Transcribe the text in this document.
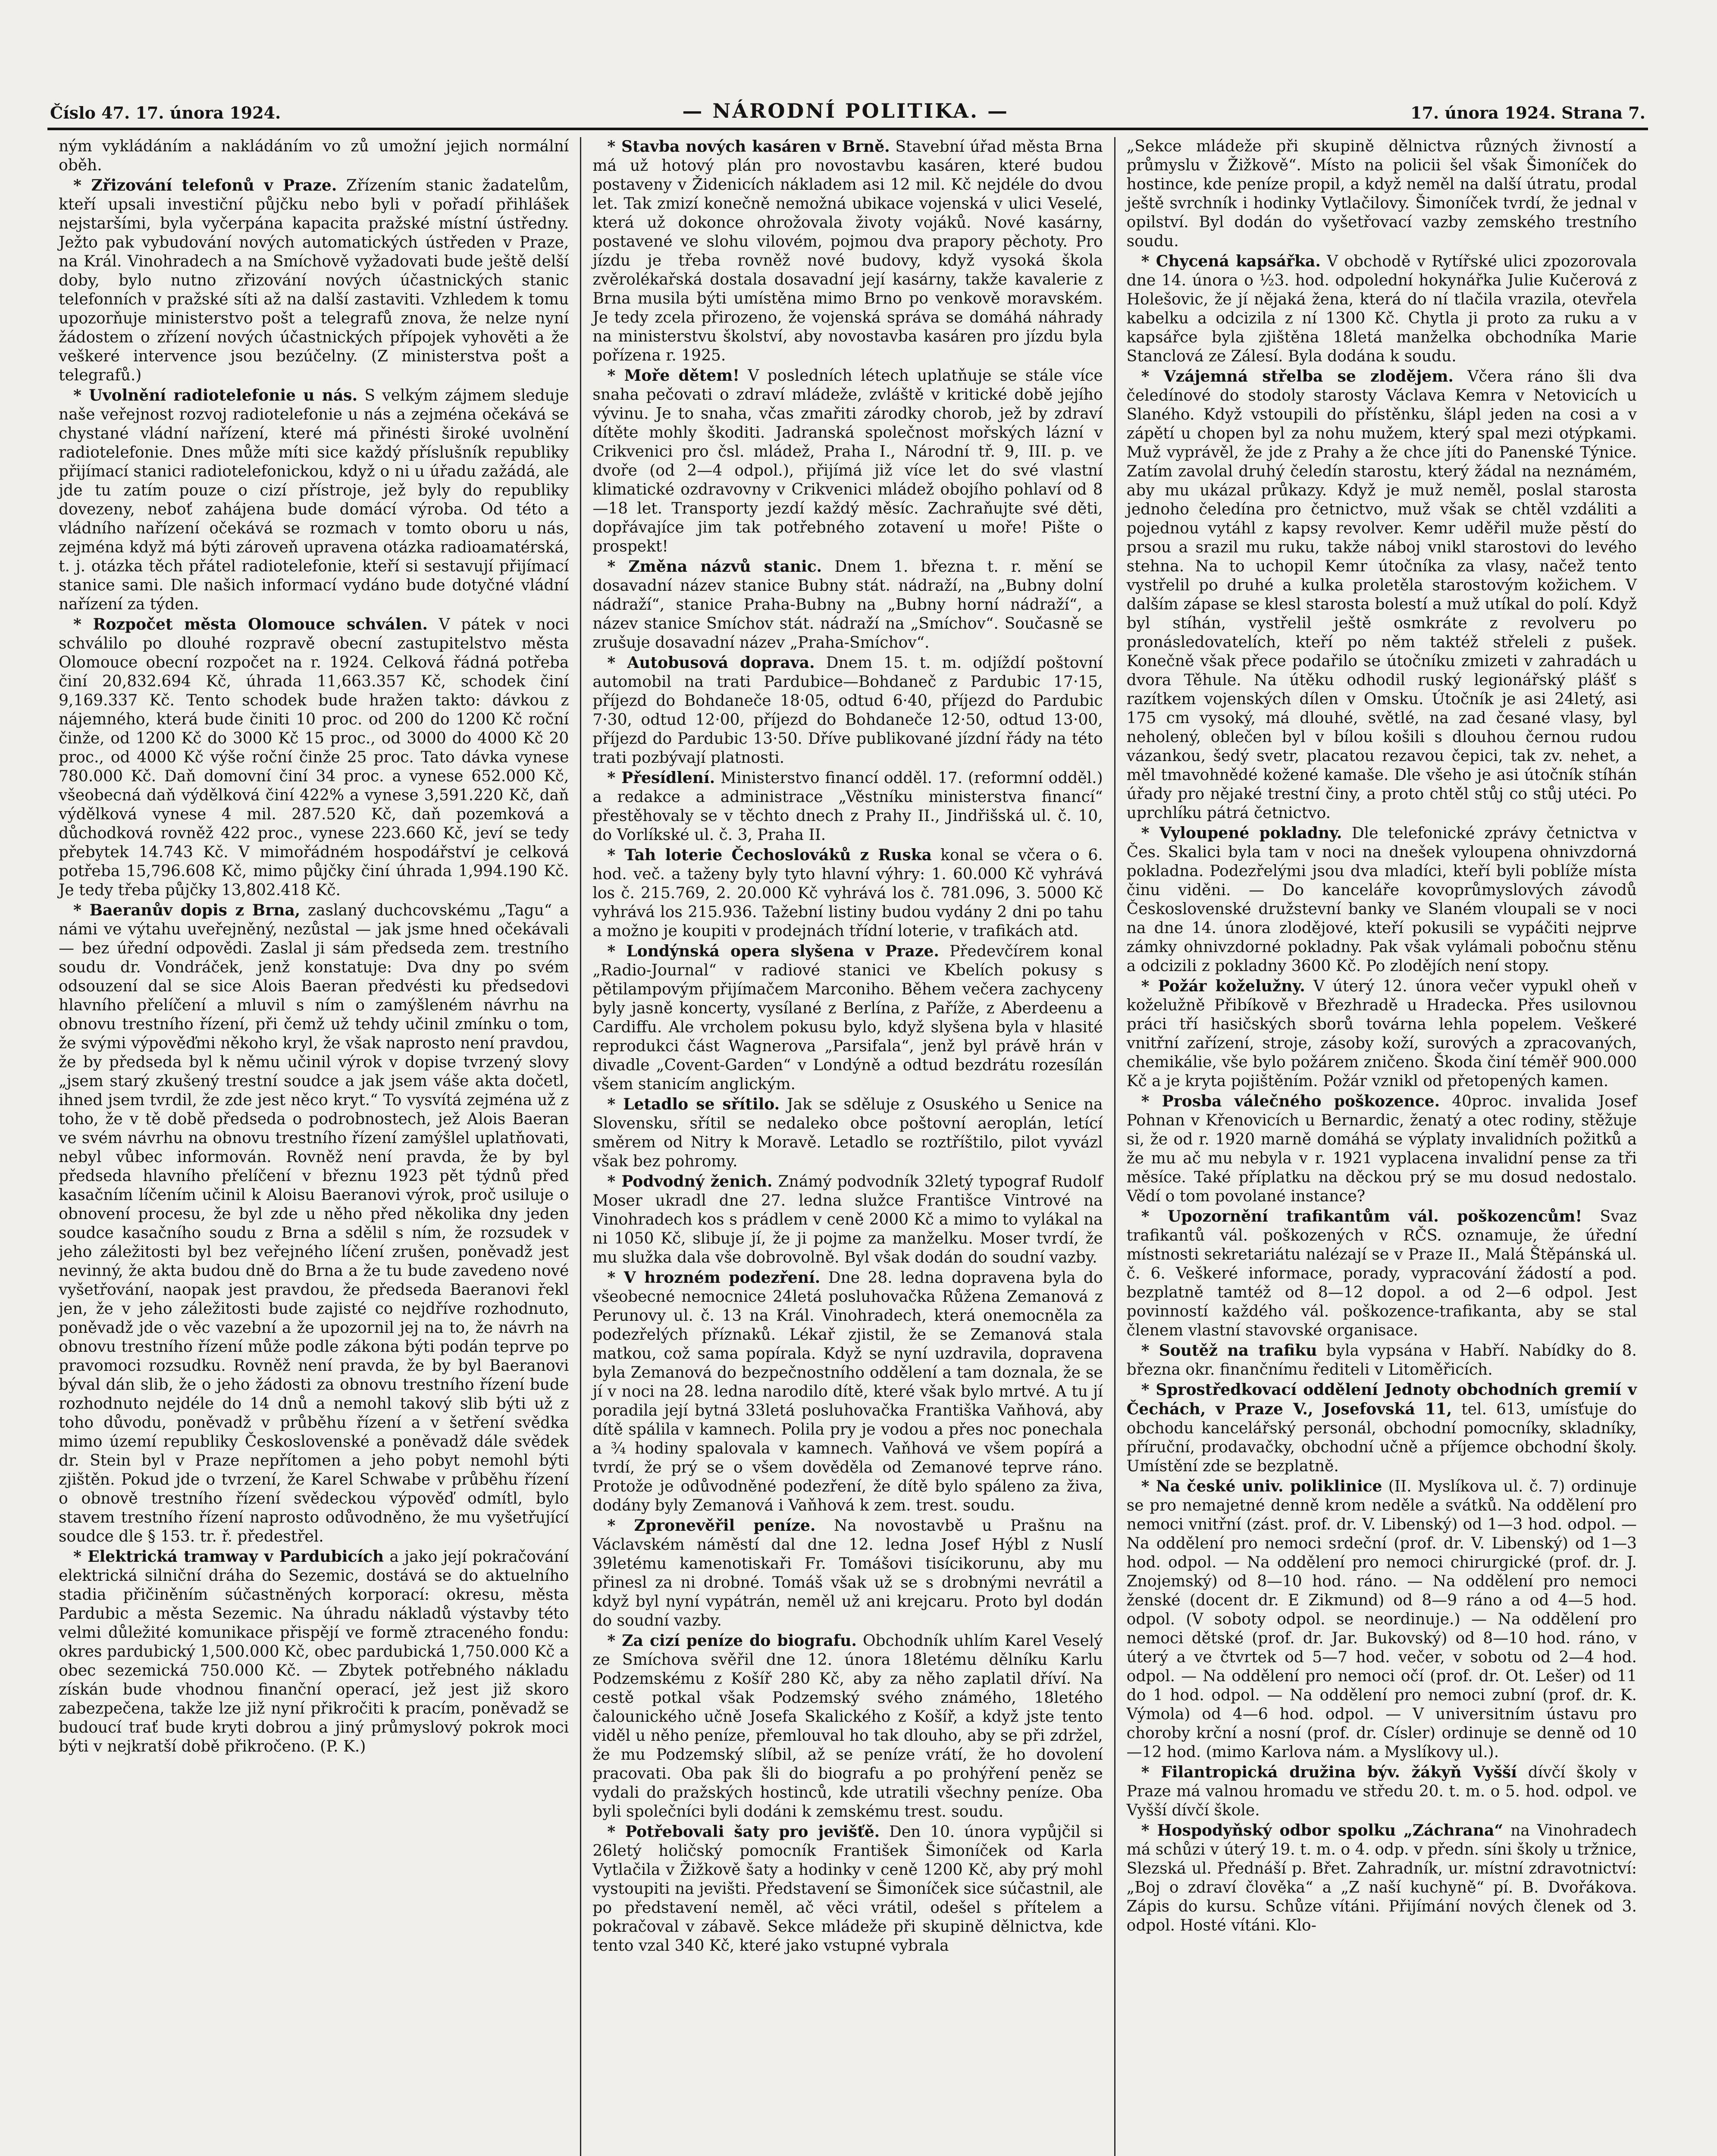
Číslo 47. 17. února 1924.	— NÁRODNÍ POLITIKA. —	17. února 1924. Strana 7.

ným vykládáním a nakládáním vo zů umožní jejich normální oběh.

* Zřizování telefonů v Praze. Zřízením stanic žadatelům, kteří upsali investiční půjčku nebo byli v pořadí přihlášek nejstaršími, byla vyčerpána kapacita pražské místní ústředny. Ježto pak vybudování nových automatických ústředen v Praze, na Král. Vinohradech a na Smíchově vyžadovati bude ještě delší doby, bylo nutno zřizování nových účastnických stanic telefonních v pražské síti až na další zastaviti. Vzhledem k tomu upozorňuje ministerstvo pošt a telegrafů znova, že nelze nyní žádostem o zřízení nových účastnických přípojek vyhověti a že veškeré intervence jsou bezúčelny. (Z ministerstva pošt a telegrafů.)

* Uvolnění radiotelefonie u nás. S velkým zájmem sleduje naše veřejnost rozvoj radiotelefonie u nás a zejména očekává se chystané vládní nařízení, které má přinésti široké uvolnění radiotelefonie. Dnes může míti sice každý příslušník republiky přijímací stanici radiotelefonickou, když o ni u úřadu zažádá, ale jde tu zatím pouze o cizí přístroje, jež byly do republiky dovezeny, neboť zahájena bude domácí výroba. Od této a vládního nařízení očekává se rozmach v tomto oboru u nás, zejména když má býti zároveň upravena otázka radioamatérská, t. j. otázka těch přátel radiotelefonie, kteří si sestavují přijímací stanice sami. Dle našich informací vydáno bude dotyčné vládní nařízení za týden.

* Rozpočet města Olomouce schválen. V pátek v noci schválilo po dlouhé rozpravě obecní zastupitelstvo města Olomouce obecní rozpočet na r. 1924. Celková řádná potřeba činí 20,832.694 Kč, úhrada 11,663.357 Kč, schodek činí 9,169.337 Kč. Tento schodek bude hražen takto: dávkou z nájemného, která bude činiti 10 proc. od 200 do 1200 Kč roční činže, od 1200 Kč do 3000 Kč 15 proc., od 3000 do 4000 Kč 20 proc., od 4000 Kč výše roční činže 25 proc. Tato dávka vynese 780.000 Kč. Daň domovní činí 34 proc. a vynese 652.000 Kč, všeobecná daň výdělková činí 422% a vynese 3,591.220 Kč, daň výdělková vynese 4 mil. 287.520 Kč, daň pozemková a důchodková rovněž 422 proc., vynese 223.660 Kč, jeví se tedy přebytek 14.743 Kč. V mimořádném hospodářství je celková potřeba 15,796.608 Kč, mimo půjčky činí úhrada 1,994.190 Kč. Je tedy třeba půjčky 13,802.418 Kč.

* Baeranův dopis z Brna, zaslaný duchcovskému „Tagu“ a námi ve výtahu uveřejněný, nezůstal — jak jsme hned očekávali — bez úřední odpovědi. Zaslal ji sám předseda zem. trestního soudu dr. Vondráček, jenž konstatuje: Dva dny po svém odsouzení dal se sice Alois Baeran předvésti ku předsedovi hlavního přelíčení a mluvil s ním o zamýšleném návrhu na obnovu trestního řízení, při čemž už tehdy učinil zmínku o tom, že svými výpověďmi někoho kryl, že však naprosto není pravdou, že by předseda byl k němu učinil výrok v dopise tvrzený slovy „jsem starý zkušený trestní soudce a jak jsem váše akta dočetl, ihned jsem tvrdil, že zde jest něco kryt.“ To vysvítá zejména už z toho, že v tě době předseda o podrobnostech, jež Alois Baeran ve svém návrhu na obnovu trestního řízení zamýšlel uplatňovati, nebyl vůbec informován. Rovněž není pravda, že by byl předseda hlavního přelíčení v březnu 1923 pět týdnů před kasačním líčením učinil k Aloisu Baeranovi výrok, proč usiluje o obnovení procesu, že byl zde u něho před několika dny jeden soudce kasačního soudu z Brna a sdělil s ním, že rozsudek v jeho záležitosti byl bez veřejného líčení zrušen, poněvadž jest nevinný, že akta budou dně do Brna a že tu bude zavedeno nové vyšetřování, naopak jest pravdou, že předseda Baeranovi řekl jen, že v jeho záležitosti bude zajisté co nejdříve rozhodnuto, poněvadž jde o věc vazební a že upozornil jej na to, že návrh na obnovu trestního řízení může podle zákona býti podán teprve po pravomoci rozsudku. Rovněž není pravda, že by byl Baeranovi býval dán slib, že o jeho žádosti za obnovu trestního řízení bude rozhodnuto nejdéle do 14 dnů a nemohl takový slib býti už z toho důvodu, poněvadž v průběhu řízení a v šetření svědka mimo území republiky Československé a poněvadž dále svědek dr. Stein byl v Praze nepřítomen a jeho pobyt nemohl býti zjištěn. Pokud jde o tvrzení, že Karel Schwabe v průběhu řízení o obnově trestního řízení svědeckou výpověď odmítl, bylo stavem trestního řízení naprosto odůvodněno, že mu vyšetřující soudce dle § 153. tr. ř. předestřel.

* Elektrická tramway v Pardubicích a jako její pokračování elektrická silniční dráha do Sezemic, dostává se do aktuelního stadia přičiněním súčastněných korporací: okresu, města Pardubic a města Sezemic. Na úhradu nákladů výstavby této velmi důležité komunikace přispějí ve formě ztraceného fondu: okres pardubický 1,500.000 Kč, obec pardubická 1,750.000 Kč a obec sezemická 750.000 Kč. — Zbytek potřebného nákladu získán bude vhodnou finanční operací, jež jest již skoro zabezpečena, takže lze již nyní přikročiti k pracím, poněvadž se budoucí trať bude kryti dobrou a jiný průmyslový pokrok moci býti v nejkratší době přikročeno. (P. K.)

* Stavba nových kasáren v Brně. Stavební úřad města Brna má už hotový plán pro novostavbu kasáren, které budou postaveny v Židenicích nákladem asi 12 mil. Kč nejdéle do dvou let. Tak zmizí konečně nemožná ubikace vojenská v ulici Veselé, která už dokonce ohrožovala životy vojáků. Nové kasárny, postavené ve slohu vilovém, pojmou dva prapory pěchoty. Pro jízdu je třeba rovněž nové budovy, když vysoká škola zvěrolékařská dostala dosavadní její kasárny, takže kavalerie z Brna musila býti umístěna mimo Brno po venkově moravském. Je tedy zcela přirozeno, že vojenská správa se domáhá náhrady na ministerstvu školství, aby novostavba kasáren pro jízdu byla pořízena r. 1925.

* Moře dětem! V posledních létech uplatňuje se stále více snaha pečovati o zdraví mládeže, zvláště v kritické době jejího vývinu. Je to snaha, včas zmařiti zárodky chorob, jež by zdraví dítěte mohly škoditi. Jadranská společnost mořských lázní v Crikvenici pro čsl. mládež, Praha I., Národní tř. 9, III. p. ve dvoře (od 2—4 odpol.), přijímá již více let do své vlastní klimatické ozdravovny v Crikvenici mládež obojího pohlaví od 8—18 let. Transporty jezdí každý měsíc. Zachraňujte své děti, dopřávajíce jim tak potřebného zotavení u moře! Pište o prospekt!

* Změna názvů stanic. Dnem 1. března t. r. mění se dosavadní název stanice Bubny stát. nádraží, na „Bubny dolní nádraží“, stanice Praha-Bubny na „Bubny horní nádraží“, a název stanice Smíchov stát. nádraží na „Smíchov“. Současně se zrušuje dosavadní název „Praha-Smíchov“.

* Autobusová doprava. Dnem 15. t. m. odjíždí poštovní automobil na trati Pardubice—Bohdaneč z Pardubic 17·15, příjezd do Bohdaneče 18·05, odtud 6·40, příjezd do Pardubic 7·30, odtud 12·00, příjezd do Bohdaneče 12·50, odtud 13·00, příjezd do Pardubic 13·50. Dříve publikované jízdní řády na této trati pozbývají platnosti.

* Přesídlení. Ministerstvo financí odděl. 17. (reformní odděl.) a redakce a administrace „Věstníku ministerstva financí“ přestěhovaly se v těchto dnech z Prahy II., Jindřišská ul. č. 10, do Vorlíkské ul. č. 3, Praha II.

* Tah loterie Čechoslováků z Ruska konal se včera o 6. hod. več. a taženy byly tyto hlavní výhry: 1. 60.000 Kč vyhrává los č. 215.769, 2. 20.000 Kč vyhrává los č. 781.096, 3. 5000 Kč vyhrává los 215.936. Tažební listiny budou vydány 2 dni po tahu a možno je koupiti v prodejnách třídní loterie, v trafikách atd.

* Londýnská opera slyšena v Praze. Předevčírem konal „Radio-Journal“ v radiové stanici ve Kbelích pokusy s pětilampovým přijímačem Marconiho. Během večera zachyceny byly jasně koncerty, vysílané z Berlína, z Paříže, z Aberdeenu a Cardiffu. Ale vrcholem pokusu bylo, když slyšena byla v hlasité reprodukci část Wagnerova „Parsifala“, jenž byl právě hrán v divadle „Covent-Garden“ v Londýně a odtud bezdrátu rozesílán všem stanicím anglickým.

* Letadlo se sřítilo. Jak se sděluje z Osuského u Senice na Slovensku, sřítil se nedaleko obce poštovní aeroplán, letící směrem od Nitry k Moravě. Letadlo se roztříštilo, pilot vyvázl však bez pohromy.

* Podvodný ženich. Známý podvodník 32letý typograf Rudolf Moser ukradl dne 27. ledna služce Františce Vintrové na Vinohradech kos s prádlem v ceně 2000 Kč a mimo to vylákal na ni 1050 Kč, slibuje jí, že ji pojme za manželku. Moser tvrdí, že mu služka dala vše dobrovolně. Byl však dodán do soudní vazby.

* V hrozném podezření. Dne 28. ledna dopravena byla do všeobecné nemocnice 24letá posluhovačka Růžena Zemanová z Perunovy ul. č. 13 na Král. Vinohradech, která onemocněla za podezřelých příznaků. Lékař zjistil, že se Zemanová stala matkou, což sama popírala. Když se nyní uzdravila, dopravena byla Zemanová do bezpečnostního oddělení a tam doznala, že se jí v noci na 28. ledna narodilo dítě, které však bylo mrtvé. A tu jí poradila její bytná 33letá posluhovačka Františka Vaňhová, aby dítě spálila v kamnech. Polila pry je vodou a přes noc ponechala a ¾ hodiny spalovala v kamnech. Vaňhová ve všem popírá a tvrdí, že prý se o všem dověděla od Zemanové teprve ráno. Protože je odůvodněné podezření, že dítě bylo spáleno za živa, dodány byly Zemanová i Vaňhová k zem. trest. soudu.

* Zpronevěřil peníze. Na novostavbě u Prašnu na Václavském náměstí dal dne 12. ledna Josef Hýbl z Nuslí 39letému kamenotiskaři Fr. Tomášovi tisícikorunu, aby mu přinesl za ni drobné. Tomáš však už se s drobnými nevrátil a když byl nyní vypátrán, neměl už ani krejcaru. Proto byl dodán do soudní vazby.

* Za cizí peníze do biografu. Obchodník uhlím Karel Veselý ze Smíchova svěřil dne 12. února 18letému dělníku Karlu Podzemskému z Košíř 280 Kč, aby za něho zaplatil dříví. Na cestě potkal však Podzemský svého známého, 18letého čalounického učně Josefa Skalického z Košíř, a když jste tento viděl u něho peníze, přemlouval ho tak dlouho, aby se při zdržel, že mu Podzemský slíbil, až se peníze vrátí, že ho dovolení pracovati. Oba pak šli do biografu a po prohýření peněz se vydali do pražských hostinců, kde utratili všechny peníze. Oba byli společníci byli dodáni k zemskému trest. soudu.

* Potřebovali šaty pro jevišťě. Den 10. února vypůjčil si 26letý holičský pomocník František Šimoníček od Karla Vytlačila v Žižkově šaty a hodinky v ceně 1200 Kč, aby prý mohl vystoupiti na jevišti. Představení se Šimoníček sice súčastnil, ale po představení neměl, ač věci vrátil, odešel s přítelem a pokračoval v zábavě. Sekce mládeže při skupině dělnictva, kde tento vzal 340 Kč, které jako vstupné vybrala

„Sekce mládeže při skupině dělnictva různých živností a průmyslu v Žižkově“. Místo na policii šel však Šimoníček do hostince, kde peníze propil, a když neměl na další útratu, prodal ještě svrchník i hodinky Vytlačilovy. Šimoníček tvrdí, že jednal v opilství. Byl dodán do vyšetřovací vazby zemského trestního soudu.

* Chycená kapsářka. V obchodě v Rytířské ulici zpozorovala dne 14. února o ½3. hod. odpolední hokynářka Julie Kučerová z Holešovic, že jí nějaká žena, která do ní tlačila vrazila, otevřela kabelku a odcizila z ní 1300 Kč. Chytla ji proto za ruku a v kapsářce byla zjištěna 18letá manželka obchodníka Marie Stanclová ze Zálesí. Byla dodána k soudu.

* Vzájemná střelba se zlodějem. Včera ráno šli dva čeledínové do stodoly starosty Václava Kemra v Netovicích u Slaného. Když vstoupili do přístěnku, šlápl jeden na cosi a v zápětí u chopen byl za nohu mužem, který spal mezi otýpkami. Muž vyprávěl, že jde z Prahy a že chce jíti do Panenské Týnice. Zatím zavolal druhý čeledín starostu, který žádal na neznámém, aby mu ukázal průkazy. Když je muž neměl, poslal starosta jednoho čeledína pro četnictvo, muž však se chtěl vzdáliti a pojednou vytáhl z kapsy revolver. Kemr uděřil muže pěstí do prsou a srazil mu ruku, takže náboj vnikl starostovi do levého stehna. Na to uchopil Kemr útočníka za vlasy, načež tento vystřelil po druhé a kulka proletěla starostovým kožichem. V dalším zápase se klesl starosta bolestí a muž utíkal do polí. Když byl stíhán, vystřelil ještě osmkráte z revolveru po pronásledovatelích, kteří po něm taktéž střeleli z pušek. Konečně však přece podařilo se útočníku zmizeti v zahradách u dvora Těhule. Na útěku odhodil ruský legionářský plášť s razítkem vojenských dílen v Omsku. Útočník je asi 24letý, asi 175 cm vysoký, má dlouhé, světlé, na zad česané vlasy, byl neholený, oblečen byl v bílou košili s dlouhou černou rudou vázankou, šedý svetr, placatou rezavou čepici, tak zv. nehet, a měl tmavohnědé kožené kamaše. Dle všeho je asi útočník stíhán úřady pro nějaké trestní činy, a proto chtěl stůj co stůj utéci. Po uprchlíku pátrá četnictvo.

* Vyloupené pokladny. Dle telefonické zprávy četnictva v Čes. Skalici byla tam v noci na dnešek vyloupena ohnivzdorná pokladna. Podezřelými jsou dva mladíci, kteří byli poblíže místa činu viděni. — Do kanceláře kovoprůmyslových závodů Československé družstevní banky ve Slaném vloupali se v noci na dne 14. února zlodějové, kteří pokusili se vypáčiti nejprve zámky ohnivzdorné pokladny. Pak však vylámali pobočnu stěnu a odcizili z pokladny 3600 Kč. Po zlodějích není stopy.

* Požár koželužny. V úterý 12. února večer vypukl oheň v koželužně Přibíkově v Březhradě u Hradecka. Přes usilovnou práci tří hasičských sborů továrna lehla popelem. Veškeré vnitřní zařízení, stroje, zásoby koží, surových a zpracovaných, chemikálie, vše bylo požárem zničeno. Škoda činí téměř 900.000 Kč a je kryta pojištěním. Požár vznikl od přetopených kamen.

* Prosba válečného poškozence. 40proc. invalida Josef Pohnan v Křenovicích u Bernardic, ženatý a otec rodiny, stěžuje si, že od r. 1920 marně domáhá se výplaty invalidních požitků a že mu ač mu nebyla v r. 1921 vyplacena invalidní pense za tři měsíce. Také příplatku na děckou prý se mu dosud nedostalo. Vědí o tom povolané instance?

* Upozornění trafikantům vál. poškozencům! Svaz trafikantů vál. poškozených v RČS. oznamuje, že úřední místnosti sekretariátu nalézají se v Praze II., Malá Štěpánská ul. č. 6. Veškeré informace, porady, vypracování žádostí a pod. bezplatně tamtéž od 8—12 dopol. a od 2—6 odpol. Jest povinností každého vál. poškozence-trafikanta, aby se stal členem vlastní stavovské organisace.

* Soutěž na trafiku byla vypsána v Habří. Nabídky do 8. března okr. finančnímu řediteli v Litoměřicích.

* Sprostředkovací oddělení Jednoty obchodních gremií v Čechách, v Praze V., Josefovská 11, tel. 613, umísťuje do obchodu kancelářský personál, obchodní pomocníky, skladníky, příruční, prodavačky, obchodní učně a příjemce obchodní školy. Umístění zde se bezplatně.

* Na české univ. poliklinice (II. Myslíkova ul. č. 7) ordinuje se pro nemajetné denně krom neděle a svátků. Na oddělení pro nemoci vnitřní (zást. prof. dr. V. Libenský) od 1—3 hod. odpol. — Na oddělení pro nemoci srdeční (prof. dr. V. Libenský) od 1—3 hod. odpol. — Na oddělení pro nemoci chirurgické (prof. dr. J. Znojemský) od 8—10 hod. ráno. — Na oddělení pro nemoci ženské (docent dr. E Zikmund) od 8—9 ráno a od 4—5 hod. odpol. (V soboty odpol. se neordinuje.) — Na oddělení pro nemoci dětské (prof. dr. Jar. Bukovský) od 8—10 hod. ráno, v úterý a ve čtvrtek od 5—7 hod. večer, v sobotu od 2—4 hod. odpol. — Na oddělení pro nemoci očí (prof. dr. Ot. Lešer) od 11 do 1 hod. odpol. — Na oddělení pro nemoci zubní (prof. dr. K. Výmola) od 4—6 hod. odpol. — V universitním ústavu pro choroby krční a nosní (prof. dr. Císler) ordinuje se denně od 10—12 hod. (mimo Karlova nám. a Myslíkovy ul.).

* Filantropická družina býv. žákyň Vyšší dívčí školy v Praze má valnou hromadu ve středu 20. t. m. o 5. hod. odpol. ve Vyšší dívčí škole.

* Hospodyňský odbor spolku „Záchrana“ na Vinohradech má schůzi v úterý 19. t. m. o 4. odp. v předn. síni školy u tržnice, Slezská ul. Přednáší p. Břet. Zahradník, ur. místní zdravotnictví: „Boj o zdraví člověka“ a „Z naší kuchyně“ pí. B. Dvořákova. Zápis do kursu. Schůze vítáni. Přijímání nových členek od 3. odpol. Hosté vítáni. Klo-
